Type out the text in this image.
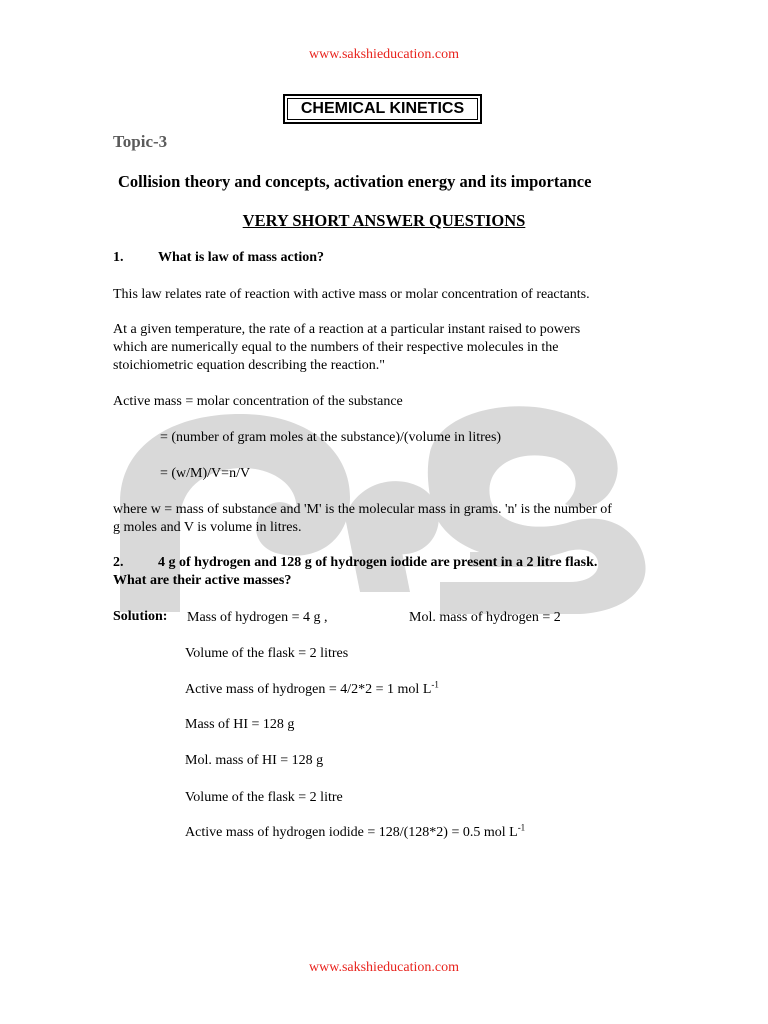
www.sakshieducation.com
CHEMICAL KINETICS
Topic-3
Collision theory and concepts, activation energy and its importance
VERY SHORT ANSWER QUESTIONS
1. What is law of mass action?
This law relates rate of reaction with active mass or molar concentration of reactants.
At a given temperature, the rate of a reaction at a particular instant raised to powers
which are numerically equal to the numbers of their respective molecules in the
stoichiometric equation describing the reaction."
Active mass = molar concentration of the substance
= (number of gram moles at the substance)/(volume in litres)
= (w/M)/V=n/V
where w = mass of substance and 'M' is the molecular mass in grams. 'n' is the number of
g moles and V is volume in litres.
2. 4 g of hydrogen and 128 g of hydrogen iodide are present in a 2 litre flask.
What are their active masses?
Solution: Mass of hydrogen = 4 g ,	Mol. mass of hydrogen = 2
Volume of the flask = 2 litres
Active mass of hydrogen = 4/2*2 = 1 mol $L^{-1}$
Mass of HI = 128 g
Mol. mass of HI = 128 g
Volume of the flask = 2 litre
Active mass of hydrogen iodide = 128/(128*2) = 0.5 mol $L^{-1}$
www.sakshieducation.com
